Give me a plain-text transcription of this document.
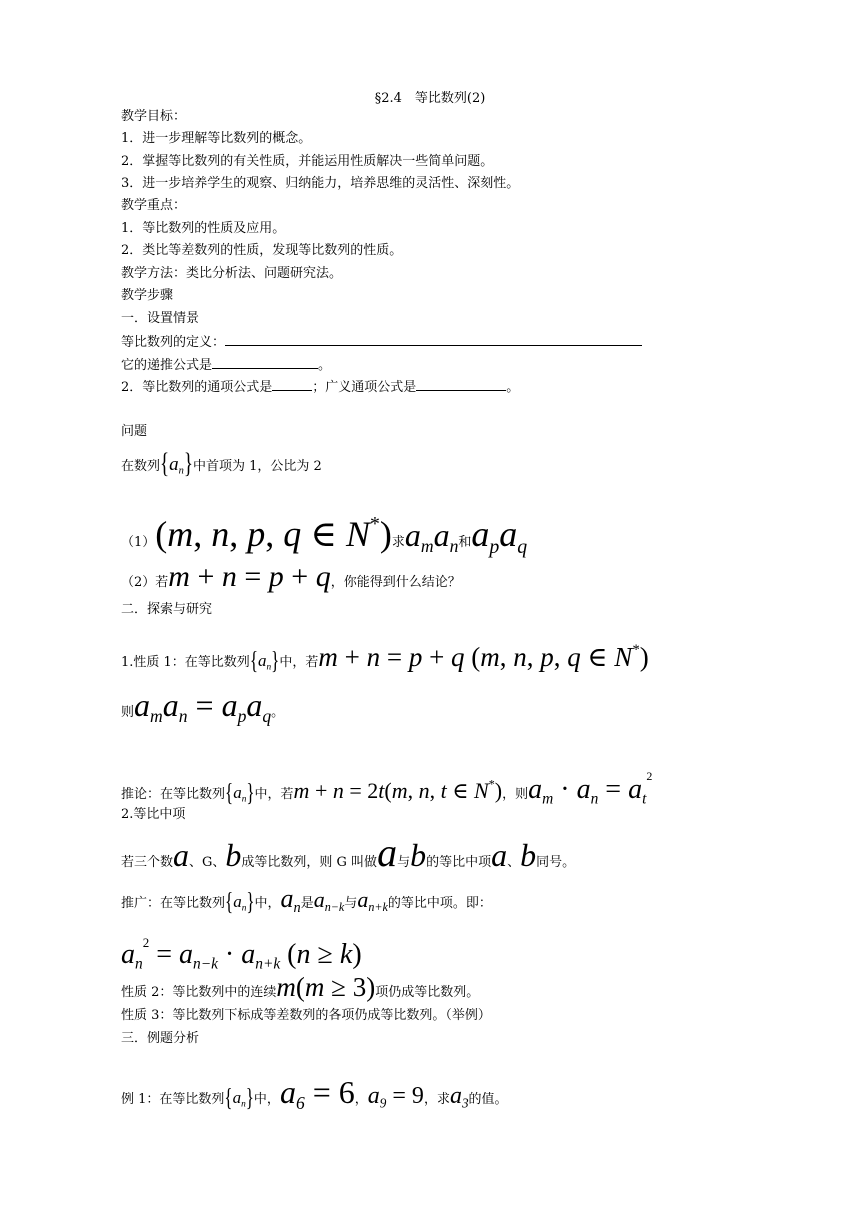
§2.4　等比数列(2)
教学目标：
1．进一步理解等比数列的概念。
2．掌握等比数列的有关性质，并能运用性质解决一些简单问题。
3．进一步培养学生的观察、归纳能力，培养思维的灵活性、深刻性。
教学重点：
1．等比数列的性质及应用。
2．类比等差数列的性质，发现等比数列的性质。
教学方法：类比分析法、问题研究法。
教学步骤
一．设置情景
等比数列的定义：
它的递推公式是	。
2．等比数列的通项公式是	；广义通项公式是	。
问题
在数列$\{a_n\}$中首项为 1，公比为 2
（1）(m, n, p, q ∈ N*)求$a_ma_n$和$a_pa_q$
（2）若m + n = p + q，你能得到什么结论？
二．探索与研究
1.性质 1：在等比数列$\{a_n\}$中，若m + n = p + q (m, n, p, q ∈ N*)
则$a_ma_n = a_pa_q$。
推论：在等比数列$\{a_n\}$中，若m + n = 2t(m, n, t ∈ N*)，则$a_m \cdot a_n = a_t^2$
2.等比中项
若三个数a、G、b成等比数列，则 G 叫做a与b的等比中项a、b同号。
推广：在等比数列$\{a_n\}$中，$a_n$是$a_{n-k}$与$a_{n+k}$的等比中项。即：
$a_n^2 = a_{n-k} \cdot a_{n+k}$ (n ≥ k)
性质 2：等比数列中的连续m(m ≥ 3)项仍成等比数列。
性质 3：等比数列下标成等差数列的各项仍成等比数列。（举例）
三．例题分析
例 1：在等比数列$\{a_n\}$中，$a_6 = 6$，$a_9 = 9$，求$a_3$的值。
